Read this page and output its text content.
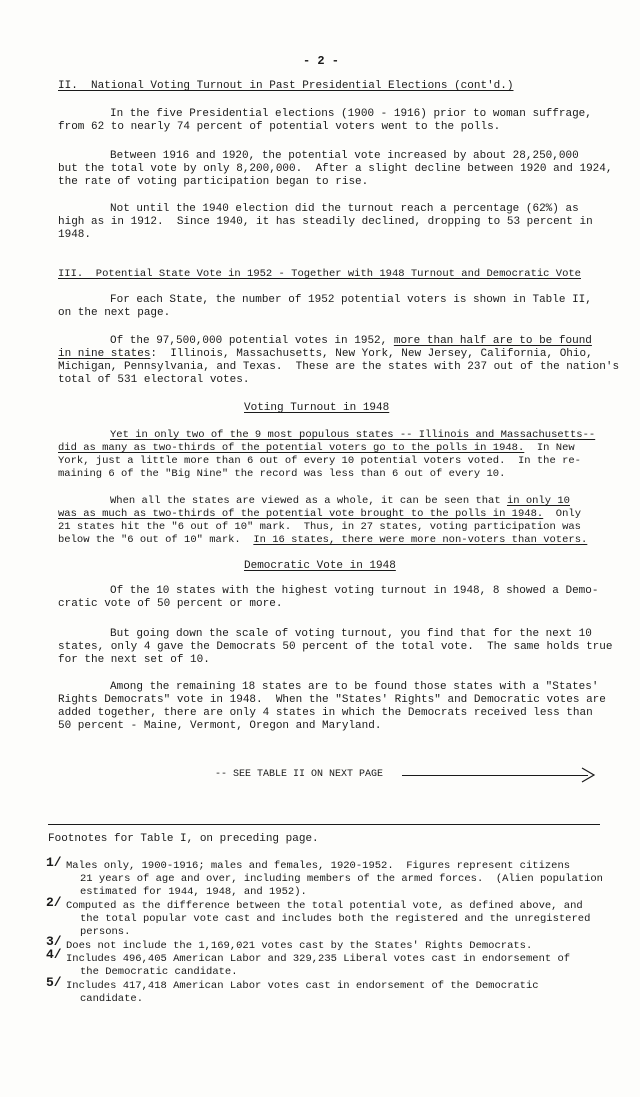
- 2 -
II.  National Voting Turnout in Past Presidential Elections (cont'd.)
In the five Presidential elections (1900 - 1916) prior to woman suffrage,
from 62 to nearly 74 percent of potential voters went to the polls.
Between 1916 and 1920, the potential vote increased by about 28,250,000
but the total vote by only 8,200,000.  After a slight decline between 1920 and 1924,
the rate of voting participation began to rise.
Not until the 1940 election did the turnout reach a percentage (62%) as
high as in 1912.  Since 1940, it has steadily declined, dropping to 53 percent in
1948.
III.  Potential State Vote in 1952 - Together with 1948 Turnout and Democratic Vote
For each State, the number of 1952 potential voters is shown in Table II,
on the next page.
Of the 97,500,000 potential votes in 1952, more than half are to be found
in nine states:  Illinois, Massachusetts, New York, New Jersey, California, Ohio,
Michigan, Pennsylvania, and Texas.  These are the states with 237 out of the nation's
total of 531 electoral votes.
Voting Turnout in 1948
Yet in only two of the 9 most populous states -- Illinois and Massachusetts--
did as many as two-thirds of the potential voters go to the polls in 1948.  In New
York, just a little more than 6 out of every 10 potential voters voted.  In the re-
maining 6 of the "Big Nine" the record was less than 6 out of every 10.
When all the states are viewed as a whole, it can be seen that in only 10
was as much as two-thirds of the potential vote brought to the polls in 1948.  Only
21 states hit the "6 out of 10" mark.  Thus, in 27 states, voting participation was
below the "6 out of 10" mark.  In 16 states, there were more non-voters than voters.
Democratic Vote in 1948
Of the 10 states with the highest voting turnout in 1948, 8 showed a Demo-
cratic vote of 50 percent or more.
But going down the scale of voting turnout, you find that for the next 10
states, only 4 gave the Democrats 50 percent of the total vote.  The same holds true
for the next set of 10.
Among the remaining 18 states are to be found those states with a "States'
Rights Democrats" vote in 1948.  When the "States' Rights" and Democratic votes are
added together, there are only 4 states in which the Democrats received less than
50 percent - Maine, Vermont, Oregon and Maryland.
-- SEE TABLE II ON NEXT PAGE
Footnotes for Table I, on preceding page.
1/ Males only, 1900-1916; males and females, 1920-1952.  Figures represent citizens
21 years of age and over, including members of the armed forces.  (Alien population
estimated for 1944, 1948, and 1952).
2/ Computed as the difference between the total potential vote, as defined above, and
the total popular vote cast and includes both the registered and the unregistered
persons.
3/ Does not include the 1,169,021 votes cast by the States' Rights Democrats.
4/ Includes 496,405 American Labor and 329,235 Liberal votes cast in endorsement of
the Democratic candidate.
5/ Includes 417,418 American Labor votes cast in endorsement of the Democratic
candidate.
